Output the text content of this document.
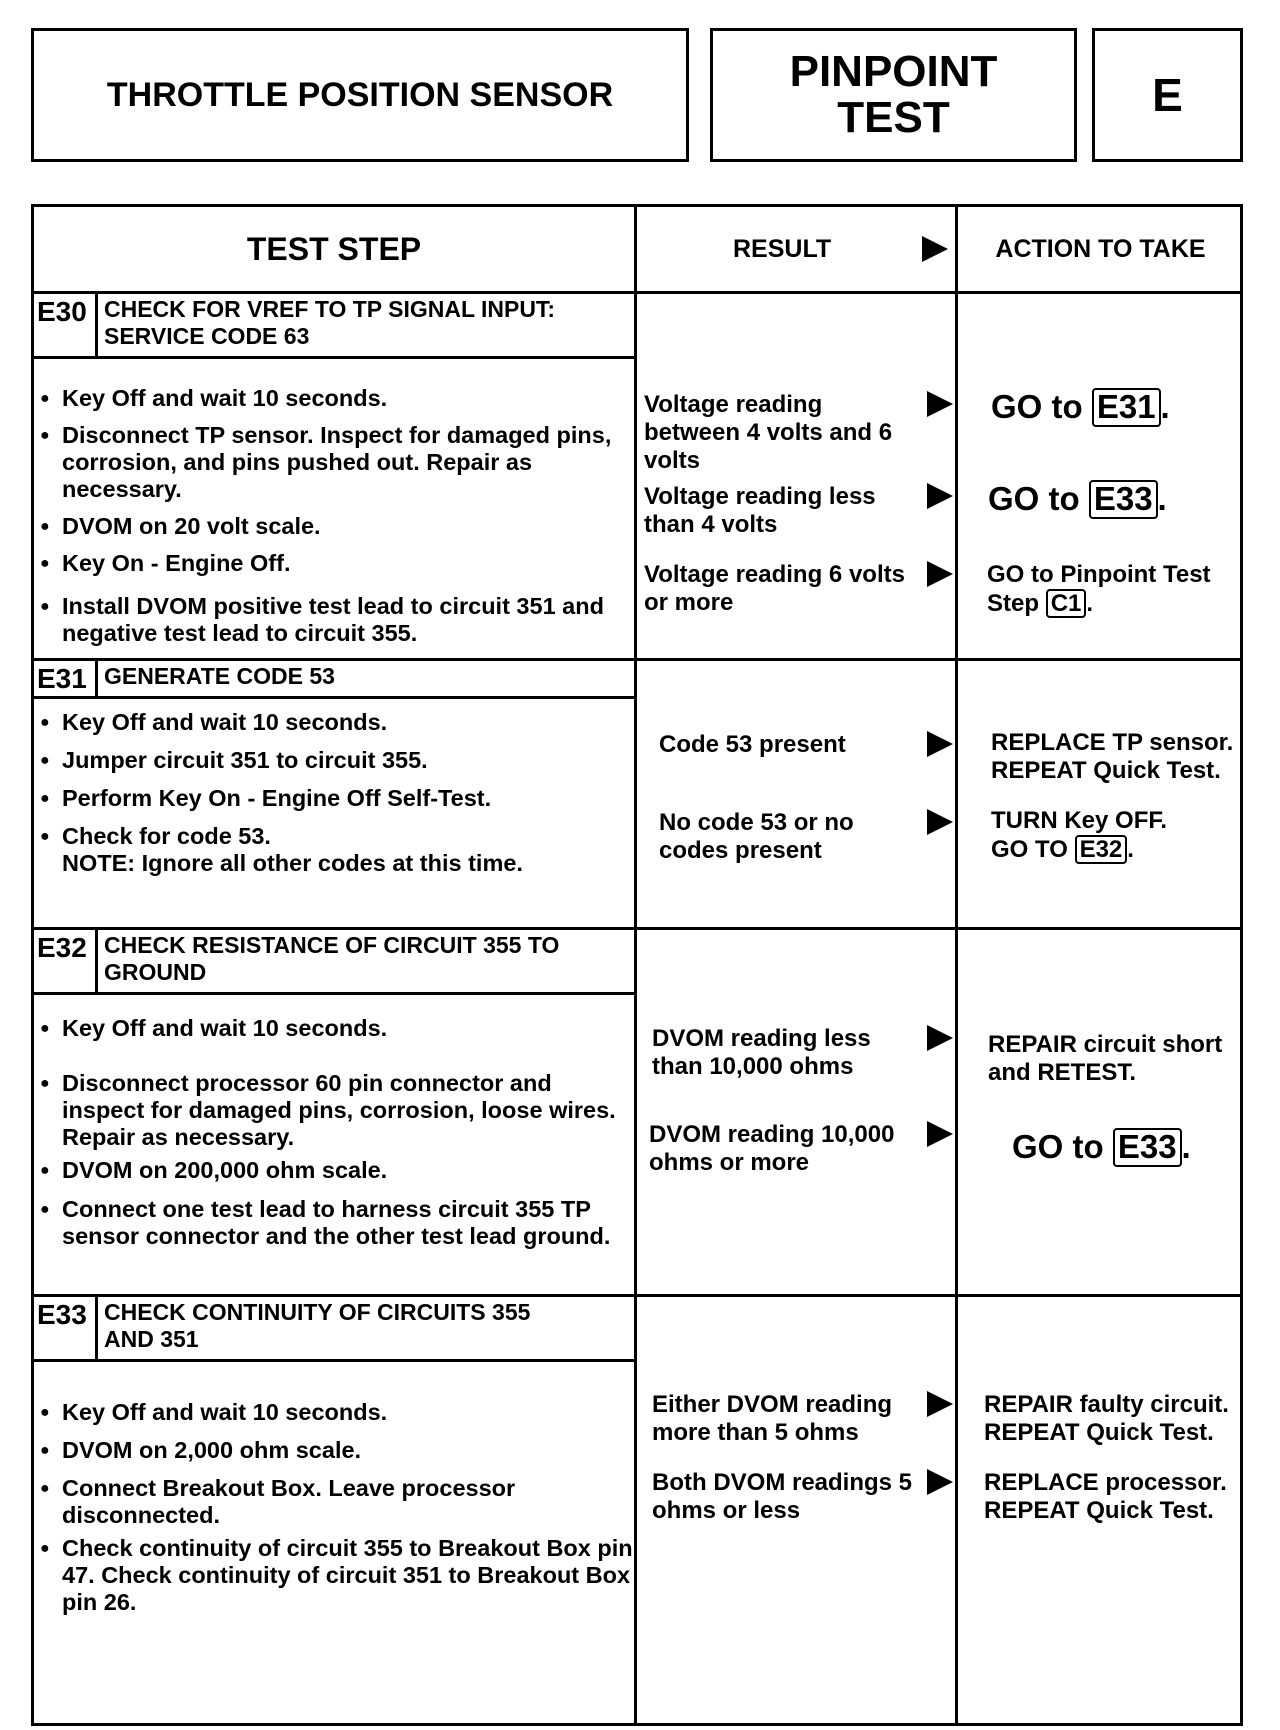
THROTTLE POSITION SENSOR	PINPOINT
TEST	E
TEST STEP	RESULT	ACTION TO TAKE
E30 CHECK FOR VREF TO TP SIGNAL INPUT:
SERVICE CODE 63
● Key Off and wait 10 seconds.
● Disconnect TP sensor. Inspect for damaged pins, corrosion, and pins pushed out. Repair as necessary.
● DVOM on 20 volt scale.
● Key On - Engine Off.
● Install DVOM positive test lead to circuit 351 and negative test lead to circuit 355.
Voltage reading between 4 volts and 6 volts
GO to E31 .
Voltage reading less than 4 volts
GO to E33 .
Voltage reading 6 volts or more
GO to Pinpoint Test Step C1 .
E31 GENERATE CODE 53
● Key Off and wait 10 seconds.
● Jumper circuit 351 to circuit 355.
● Perform Key On - Engine Off Self-Test.
● Check for code 53.
NOTE: Ignore all other codes at this time.
Code 53 present	REPLACE TP sensor.
REPEAT Quick Test.
No code 53 or no codes present
TURN Key OFF.
GO TO E32 .
E32 CHECK RESISTANCE OF CIRCUIT 355 TO
GROUND
● Key Off and wait 10 seconds.
● Disconnect processor 60 pin connector and inspect for damaged pins, corrosion, loose wires. Repair as necessary.
● DVOM on 200,000 ohm scale.
● Connect one test lead to harness circuit 355 TP sensor connector and the other test lead ground.
DVOM reading less than 10,000 ohms
REPAIR circuit short
and RETEST.
DVOM reading 10,000 ohms or more	GO to E33 .
E33 CHECK CONTINUITY OF CIRCUITS 355
AND 351
● Key Off and wait 10 seconds.
● DVOM on 2,000 ohm scale.
● Connect Breakout Box. Leave processor disconnected.
● Check continuity of circuit 355 to Breakout Box pin 47. Check continuity of circuit 351 to Breakout Box pin 26.
Either DVOM reading more than 5 ohms
REPAIR faulty circuit.
REPEAT Quick Test.
Both DVOM readings 5 ohms or less
REPLACE processor.
REPEAT Quick Test.
